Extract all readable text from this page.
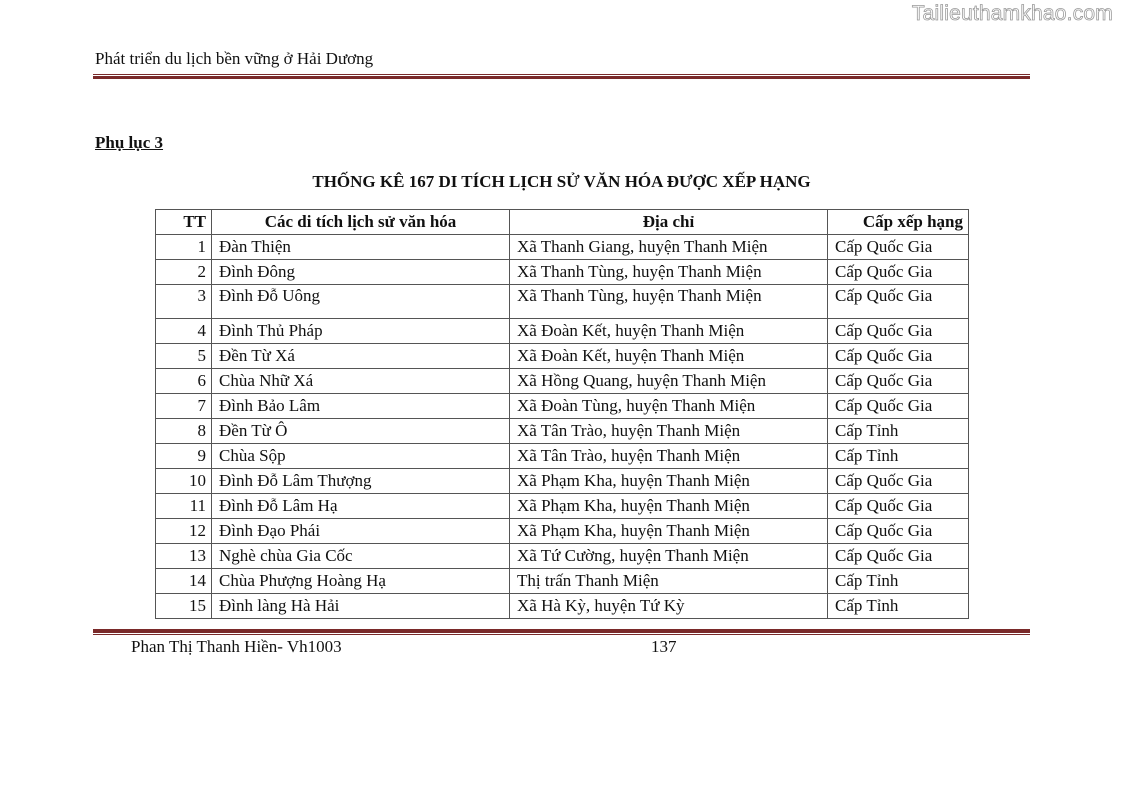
Tailieuthamkhao.com
Phát triển du lịch bền vững ở Hải Dương
Phụ lục 3
THỐNG KÊ 167 DI TÍCH LỊCH SỬ VĂN HÓA ĐƯỢC XẾP HẠNG
TT	Các di tích lịch sử văn hóa	Địa chỉ	Cấp xếp hạng
1	Đàn Thiện	Xã Thanh Giang, huyện Thanh Miện	Cấp Quốc Gia
2	Đình Đông	Xã Thanh Tùng, huyện Thanh Miện	Cấp Quốc Gia
3	Đình Đỗ Uông	Xã Thanh Tùng, huyện Thanh Miện	Cấp Quốc Gia
4	Đình Thủ Pháp	Xã Đoàn Kết, huyện Thanh Miện	Cấp Quốc Gia
5	Đền Từ Xá	Xã Đoàn Kết, huyện Thanh Miện	Cấp Quốc Gia
6	Chùa Nhữ Xá	Xã Hồng Quang, huyện Thanh Miện	Cấp Quốc Gia
7	Đình Bảo Lâm	Xã Đoàn Tùng, huyện Thanh Miện	Cấp Quốc Gia
8	Đền Từ Ô	Xã Tân Trào, huyện Thanh Miện	Cấp Tỉnh
9	Chùa Sộp	Xã Tân Trào, huyện Thanh Miện	Cấp Tỉnh
10	Đình Đỗ Lâm Thượng	Xã Phạm Kha, huyện Thanh Miện	Cấp Quốc Gia
11	Đình Đỗ Lâm Hạ	Xã Phạm Kha, huyện Thanh Miện	Cấp Quốc Gia
12	Đình Đạo Phái	Xã Phạm Kha, huyện Thanh Miện	Cấp Quốc Gia
13	Nghè chùa Gia Cốc	Xã Tứ Cường, huyện Thanh Miện	Cấp Quốc Gia
14	Chùa Phượng Hoàng Hạ	Thị trấn Thanh Miện	Cấp Tỉnh
15	Đình làng Hà Hải	Xã Hà Kỳ, huyện Tứ Kỳ	Cấp Tỉnh
Phan Thị Thanh Hiền- Vh1003	137
